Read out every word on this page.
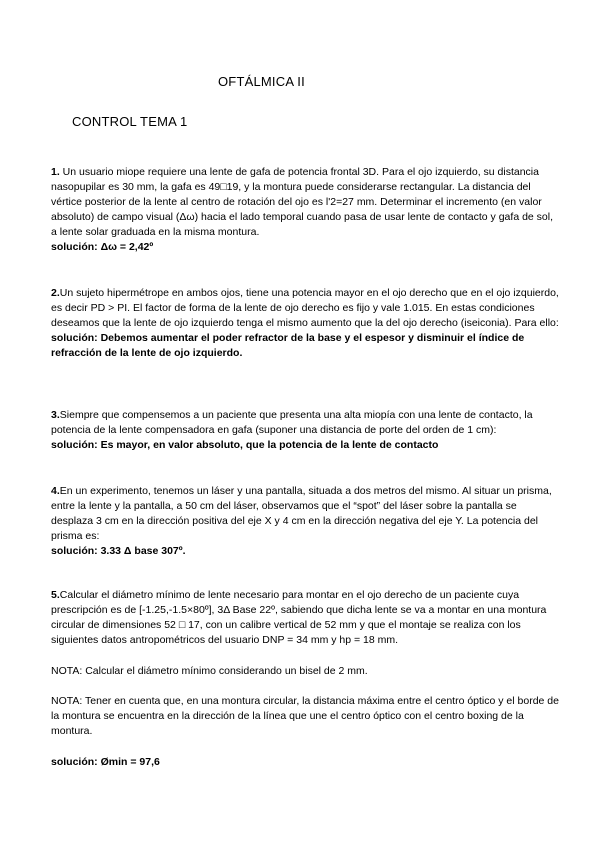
OFTÁLMICA II
CONTROL TEMA 1

1. Un usuario miope requiere una lente de gafa de potencia frontal 3D. Para el ojo izquierdo, su distancia nasopupilar es 30 mm, la gafa es 49□19, y la montura puede considerarse rectangular. La distancia del vértice posterior de la lente al centro de rotación del ojo es l'2=27 mm. Determinar el incremento (en valor absoluto) de campo visual (Δω) hacia el lado temporal cuando pasa de usar lente de contacto y gafa de sol, a lente solar graduada en la misma montura.

solución: Δω = 2,42º

2.Un sujeto hipermétrope en ambos ojos, tiene una potencia mayor en el ojo derecho que en el ojo izquierdo, es decir PD > PI. El factor de forma de la lente de ojo derecho es fijo y vale 1.015. En estas condiciones deseamos que la lente de ojo izquierdo tenga el mismo aumento que la del ojo derecho (iseiconia). Para ello:

solución: Debemos aumentar el poder refractor de la base y el espesor y disminuir el índice de refracción de la lente de ojo izquierdo.

3.Siempre que compensemos a un paciente que presenta una alta miopía con una lente de contacto, la potencia de la lente compensadora en gafa (suponer una distancia de porte del orden de 1 cm):

solución: Es mayor, en valor absoluto, que la potencia de la lente de contacto

4.En un experimento, tenemos un láser y una pantalla, situada a dos metros del mismo. Al situar un prisma, entre la lente y la pantalla, a 50 cm del láser, observamos que el “spot” del láser sobre la pantalla se desplaza 3 cm en la dirección positiva del eje X y 4 cm en la dirección negativa del eje Y. La potencia del prisma es:

solución: 3.33 Δ base 307º.

5.Calcular el diámetro mínimo de lente necesario para montar en el ojo derecho de un paciente cuya prescripción es de [-1.25,-1.5×80º], 3Δ Base 22º, sabiendo que dicha lente se va a montar en una montura circular de dimensiones 52 □ 17, con un calibre vertical de 52 mm y que el montaje se realiza con los siguientes datos antropométricos del usuario DNP = 34 mm y hp = 18 mm.

NOTA: Calcular el diámetro mínimo considerando un bisel de 2 mm.
NOTA: Tener en cuenta que, en una montura circular, la distancia máxima entre el centro óptico y el borde de la montura se encuentra en la dirección de la línea que une el centro óptico con el centro boxing de la montura.
solución: Ømin = 97,6
